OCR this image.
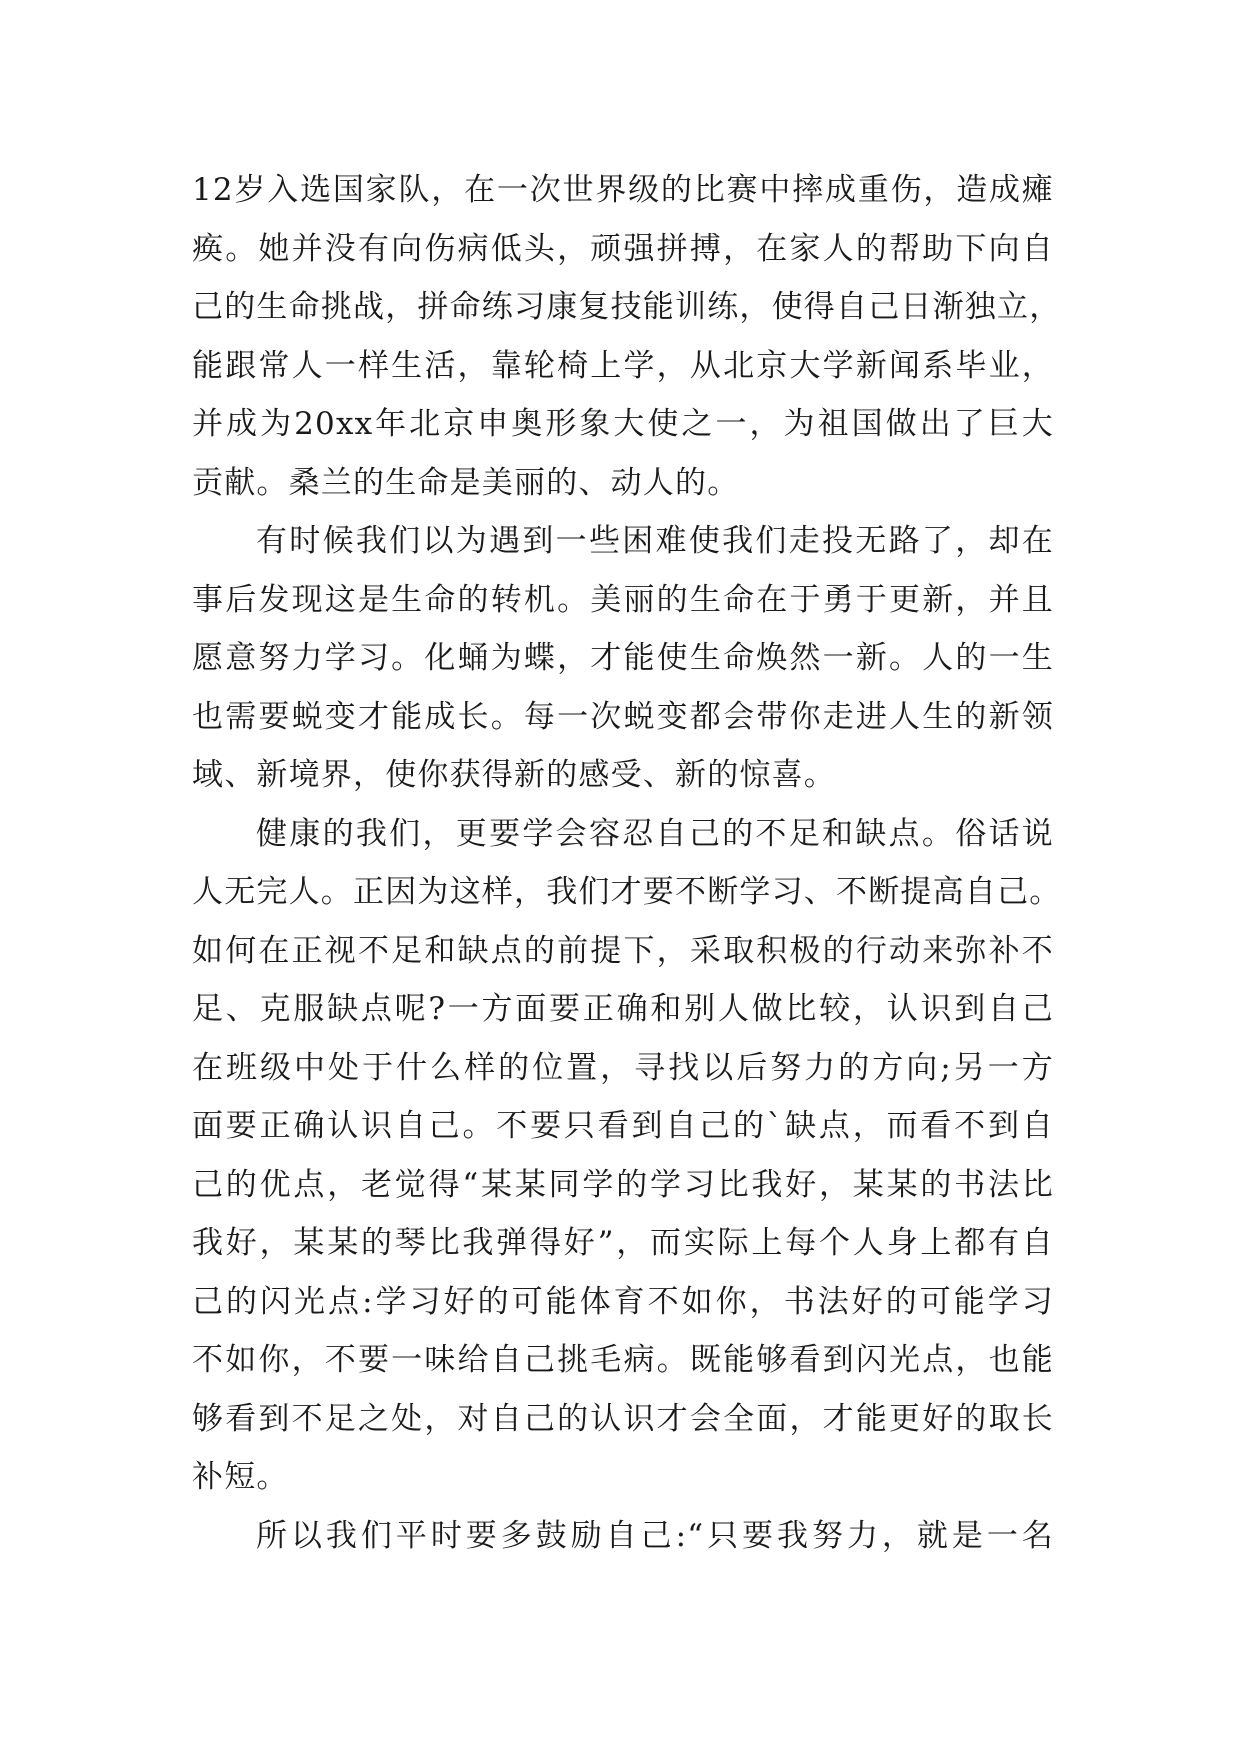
12岁入选国家队，在一次世界级的比赛中摔成重伤，造成瘫
痪。她并没有向伤病低头，顽强拼搏，在家人的帮助下向自
己的生命挑战，拼命练习康复技能训练，使得自己日渐独立，
能跟常人一样生活，靠轮椅上学，从北京大学新闻系毕业，
并成为20xx年北京申奥形象大使之一，为祖国做出了巨大
贡献。桑兰的生命是美丽的、动人的。
有时候我们以为遇到一些困难使我们走投无路了，却在
事后发现这是生命的转机。美丽的生命在于勇于更新，并且
愿意努力学习。化蛹为蝶，才能使生命焕然一新。人的一生
也需要蜕变才能成长。每一次蜕变都会带你走进人生的新领
域、新境界，使你获得新的感受、新的惊喜。
健康的我们，更要学会容忍自己的不足和缺点。俗话说
人无完人。正因为这样，我们才要不断学习、不断提高自己。
如何在正视不足和缺点的前提下，采取积极的行动来弥补不
足、克服缺点呢?一方面要正确和别人做比较，认识到自己
在班级中处于什么样的位置，寻找以后努力的方向;另一方
面要正确认识自己。不要只看到自己的`缺点，而看不到自
己的优点，老觉得“某某同学的学习比我好，某某的书法比
我好，某某的琴比我弹得好”，而实际上每个人身上都有自
己的闪光点:学习好的可能体育不如你，书法好的可能学习
不如你，不要一味给自己挑毛病。既能够看到闪光点，也能
够看到不足之处，对自己的认识才会全面，才能更好的取长
补短。
所以我们平时要多鼓励自己:“只要我努力，就是一名
